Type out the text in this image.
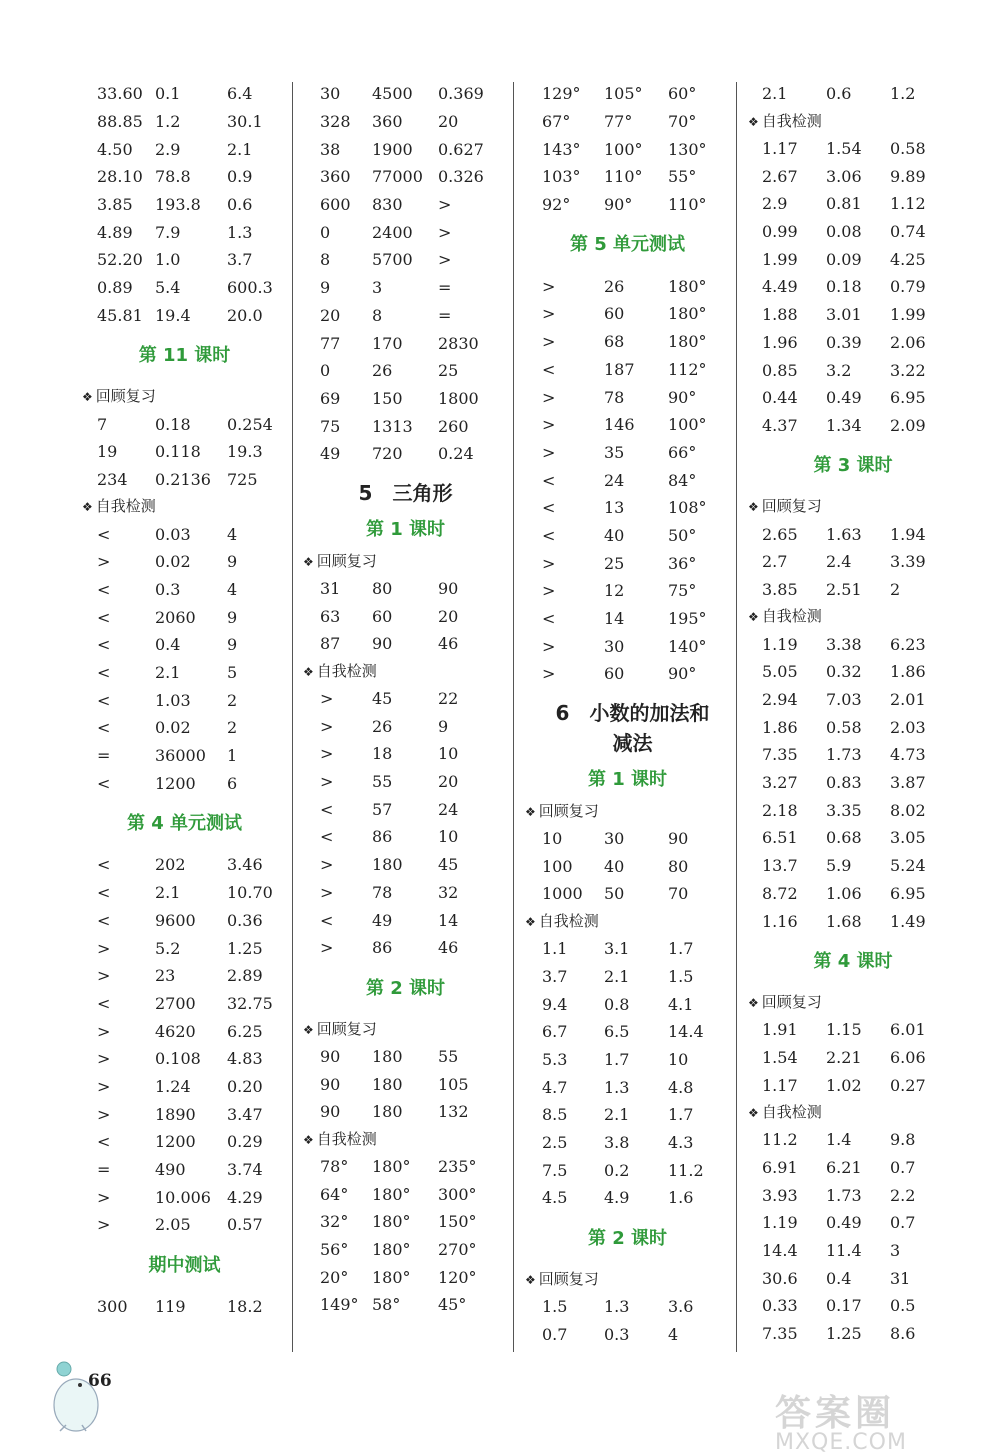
33.60 0.1	6.4
88.85 1.2	30.1
4.50	2.9	2.1
28.10 78.8	0.9
3.85	193.8	0.6
4.89	7.9	1.3
52.20 1.0	3.7
0.89	5.4	600.3
45.81 19.4	20.0
第 11 课时
❖ 回顾复习
7	0.18	0.254
19	0.118	19.3
234	0.2136	725
❖ 自我检测
<	0.03	4
>	0.02	9
<	0.3	4
<	2060	9
<	0.4	9
<	2.1	5
<	1.03	2
<	0.02	2
=	36000	1
<	1200	6
第 4 单元测试
<	202	3.46
<	2.1	10.70
<	9600	0.36
>	5.2	1.25
>	23	2.89
<	2700	32.75
>	4620	6.25
>	0.108	4.83
>	1.24	0.20
>	1890	3.47
<	1200	0.29
=	490	3.74
>	10.006	4.29
>	2.05	0.57
期中测试
300	119	18.2
30	4500	0.369
328	360	20
38	1900	0.627
360	77000 0.326
600	830	>
0	2400	>
8	5700	>
9	3	=
20	8	=
77	170	2830
0	26	25
69	150	1800
75	1313	260
49	720	0.24
5　三角形
第 1 课时
❖ 回顾复习
31	80	90
63	60	20
87	90	46
❖ 自我检测
>	45	22
>	26	9
>	18	10
>	55	20
<	57	24
<	86	10
>	180	45
>	78	32
<	49	14
>	86	46
第 2 课时
❖ 回顾复习
90	180	55
90	180	105
90	180	132
❖ 自我检测
78°	180°	235°
64°	180°	300°
32°	180°	150°
56°	180°	270°
20°	180°	120°
149° 58°	45°
129°	105°	60°
67°	77°	70°
143°	100°	130°
103°	110°	55°
92°	90°	110°
第 5 单元测试
>	26	180°
>	60	180°
>	68	180°
<	187	112°
>	78	90°
>	146	100°
>	35	66°
<	24	84°
<	13	108°
<	40	50°
>	25	36°
>	12	75°
<	14	195°
>	30	140°
>	60	90°
6　小数的加法和减法
第 1 课时
❖ 回顾复习
10	30	90
100	40	80
1000	50	70
❖ 自我检测
1.1	3.1	1.7
3.7	2.1	1.5
9.4	0.8	4.1
6.7	6.5	14.4
5.3	1.7	10
4.7	1.3	4.8
8.5	2.1	1.7
2.5	3.8	4.3
7.5	0.2	11.2
4.5	4.9	1.6
第 2 课时
❖ 回顾复习
1.5	1.3	3.6
0.7	0.3	4
2.1	0.6	1.2
❖ 自我检测
1.17	1.54	0.58
2.67	3.06	9.89
2.9	0.81	1.12
0.99	0.08	0.74
1.99	0.09	4.25
4.49	0.18	0.79
1.88	3.01	1.99
1.96	0.39	2.06
0.85	3.2	3.22
0.44	0.49	6.95
4.37	1.34	2.09
第 3 课时
❖ 回顾复习
2.65	1.63	1.94
2.7	2.4	3.39
3.85	2.51	2
❖ 自我检测
1.19	3.38	6.23
5.05	0.32	1.86
2.94	7.03	2.01
1.86	0.58	2.03
7.35	1.73	4.73
3.27	0.83	3.87
2.18	3.35	8.02
6.51	0.68	3.05
13.7	5.9	5.24
8.72	1.06	6.95
1.16	1.68	1.49
第 4 课时
❖ 回顾复习
1.91	1.15	6.01
1.54	2.21	6.06
1.17	1.02	0.27
❖ 自我检测
11.2	1.4	9.8
6.91	6.21	0.7
3.93	1.73	2.2
1.19	0.49	0.7
14.4	11.4	3
30.6	0.4	31
0.33	0.17	0.5
7.35	1.25	8.6
66
答案圈
MXQE.COM
